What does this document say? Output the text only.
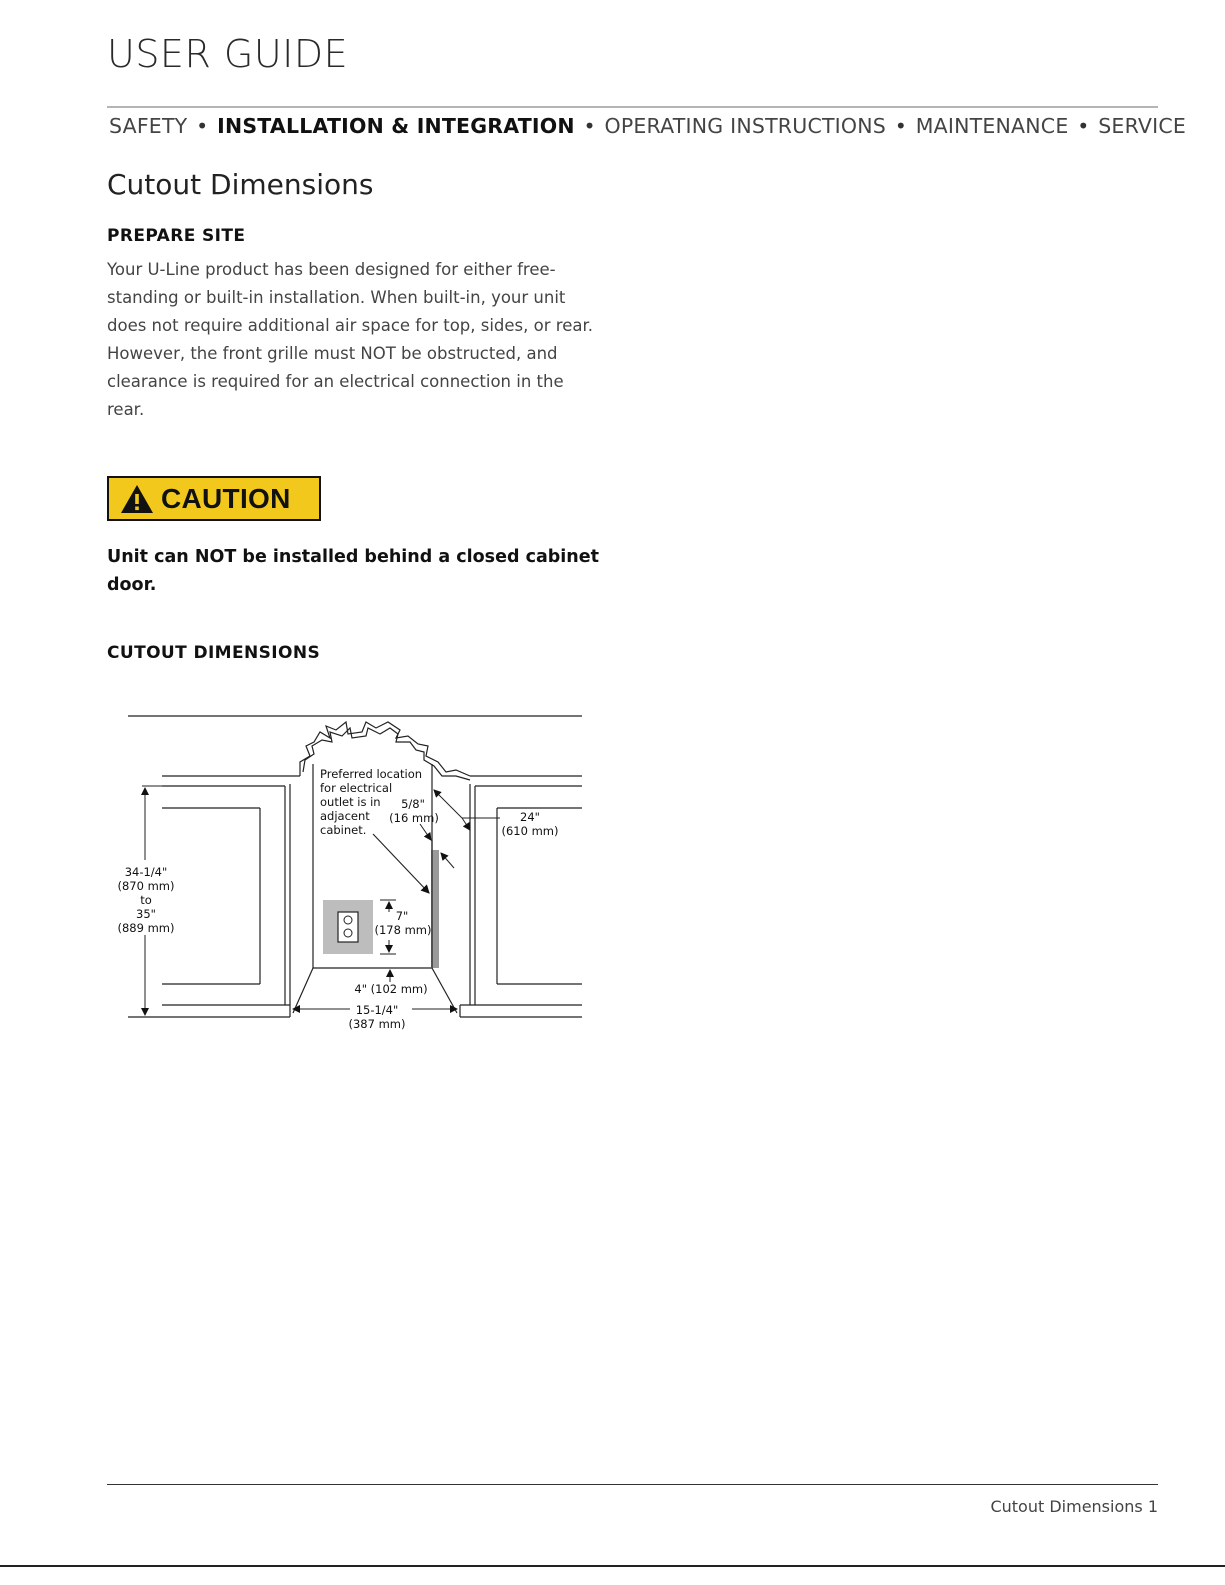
USER GUIDE
SAFETY • INSTALLATION & INTEGRATION • OPERATING INSTRUCTIONS • MAINTENANCE • SERVICE
Cutout Dimensions
PREPARE SITE

Your U-Line product has been designed for either free-standing or built-in installation. When built-in, your unit does not require additional air space for top, sides, or rear. However, the front grille must NOT be obstructed, and clearance is required for an electrical connection in the rear.

CAUTION

Unit can NOT be installed behind a closed cabinet door.

CUTOUT DIMENSIONS
Preferred location
for electrical
outlet is in
adjacent
cabinet.
34-1/4"
(870 mm)
to
35"
(889 mm)
5/8"
(16 mm)	24"
(610 mm)
7"
(178 mm)
4" (102 mm)
15-1/4"
(387 mm)
Cutout Dimensions 1
